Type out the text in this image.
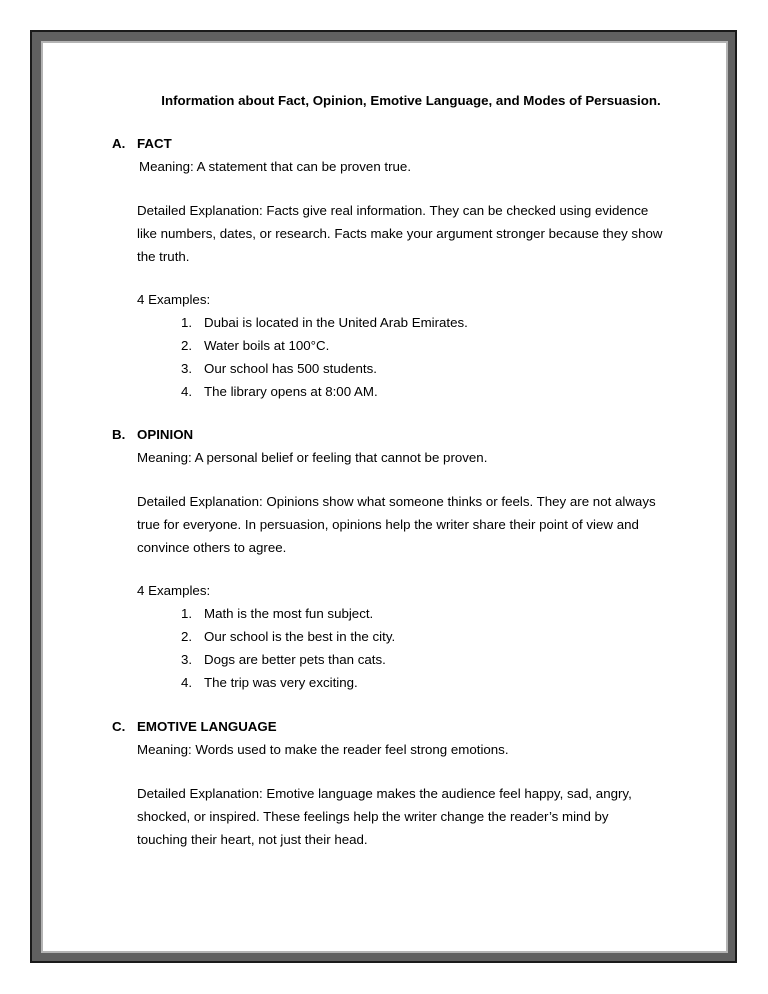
Information about Fact, Opinion, Emotive Language, and Modes of Persuasion.
A. FACT
Meaning: A statement that can be proven true.
Detailed Explanation: Facts give real information. They can be checked using evidence
like numbers, dates, or research. Facts make your argument stronger because they show
the truth.
4 Examples:
1. Dubai is located in the United Arab Emirates.
2. Water boils at 100°C.
3. Our school has 500 students.
4. The library opens at 8:00 AM.
B. OPINION
Meaning: A personal belief or feeling that cannot be proven.
Detailed Explanation: Opinions show what someone thinks or feels. They are not always
true for everyone. In persuasion, opinions help the writer share their point of view and
convince others to agree.
4 Examples:
1. Math is the most fun subject.
2. Our school is the best in the city.
3. Dogs are better pets than cats.
4. The trip was very exciting.
C. EMOTIVE LANGUAGE
Meaning: Words used to make the reader feel strong emotions.
Detailed Explanation: Emotive language makes the audience feel happy, sad, angry,
shocked, or inspired. These feelings help the writer change the reader’s mind by
touching their heart, not just their head.
